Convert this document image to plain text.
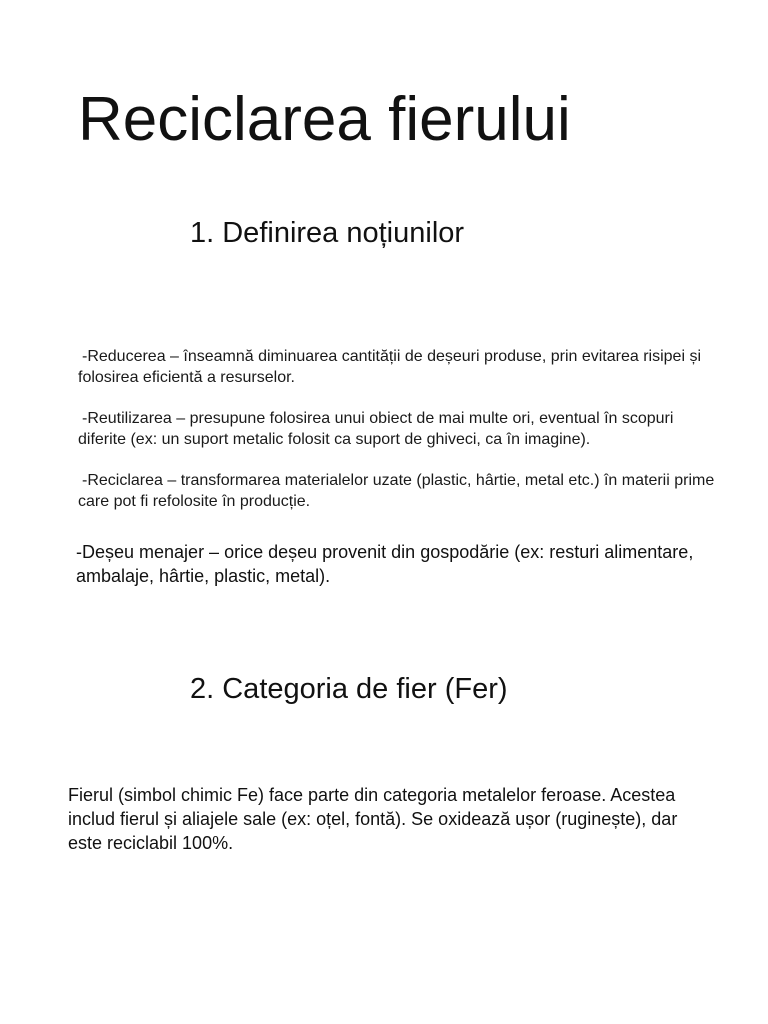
Reciclarea fierului
1. Definirea noțiunilor

-Reducerea – înseamnă diminuarea cantității de deșeuri produse, prin evitarea risipei și folosirea eficientă a resurselor.

-Reutilizarea – presupune folosirea unui obiect de mai multe ori, eventual în scopuri diferite (ex: un suport metalic folosit ca suport de ghiveci, ca în imagine).

-Reciclarea – transformarea materialelor uzate (plastic, hârtie, metal etc.) în materii prime care pot fi refolosite în producție.

-Deșeu menajer – orice deșeu provenit din gospodărie (ex: resturi alimentare, ambalaje, hârtie, plastic, metal).

2. Categoria de fier (Fer)

Fierul (simbol chimic Fe) face parte din categoria metalelor feroase. Acestea includ fierul și aliajele sale (ex: oțel, fontă). Se oxidează ușor (ruginește), dar este reciclabil 100%.
